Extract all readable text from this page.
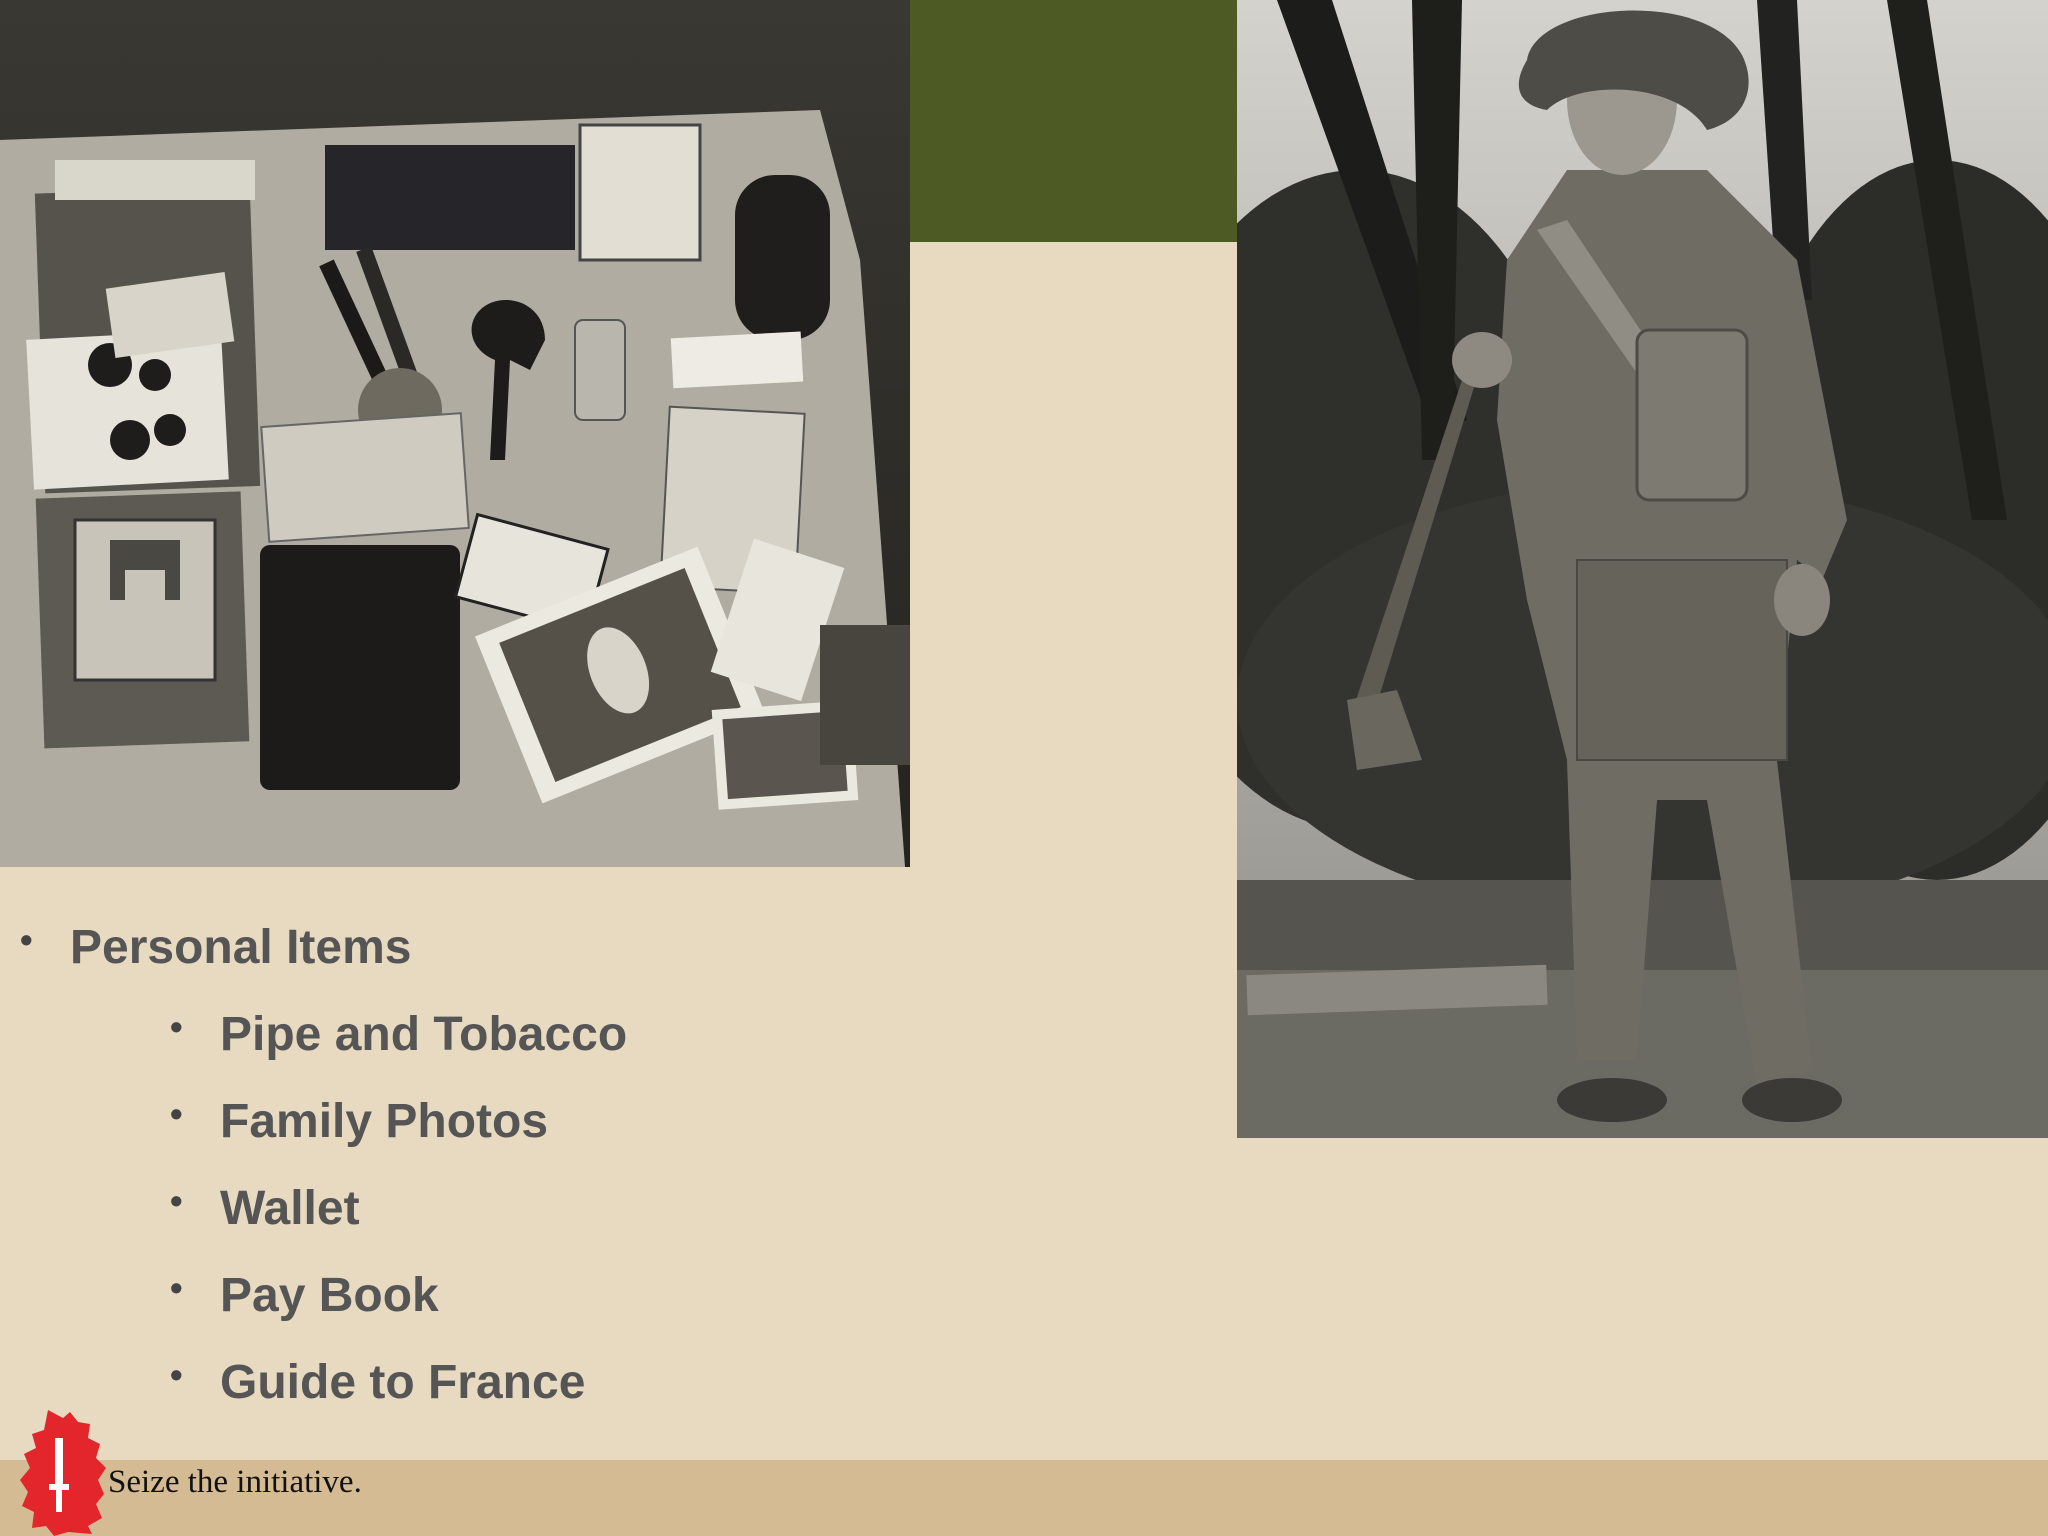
• Personal Items
• Pipe and Tobacco
• Family Photos
• Wallet
• Pay Book
• Guide to France
Seize the initiative.
